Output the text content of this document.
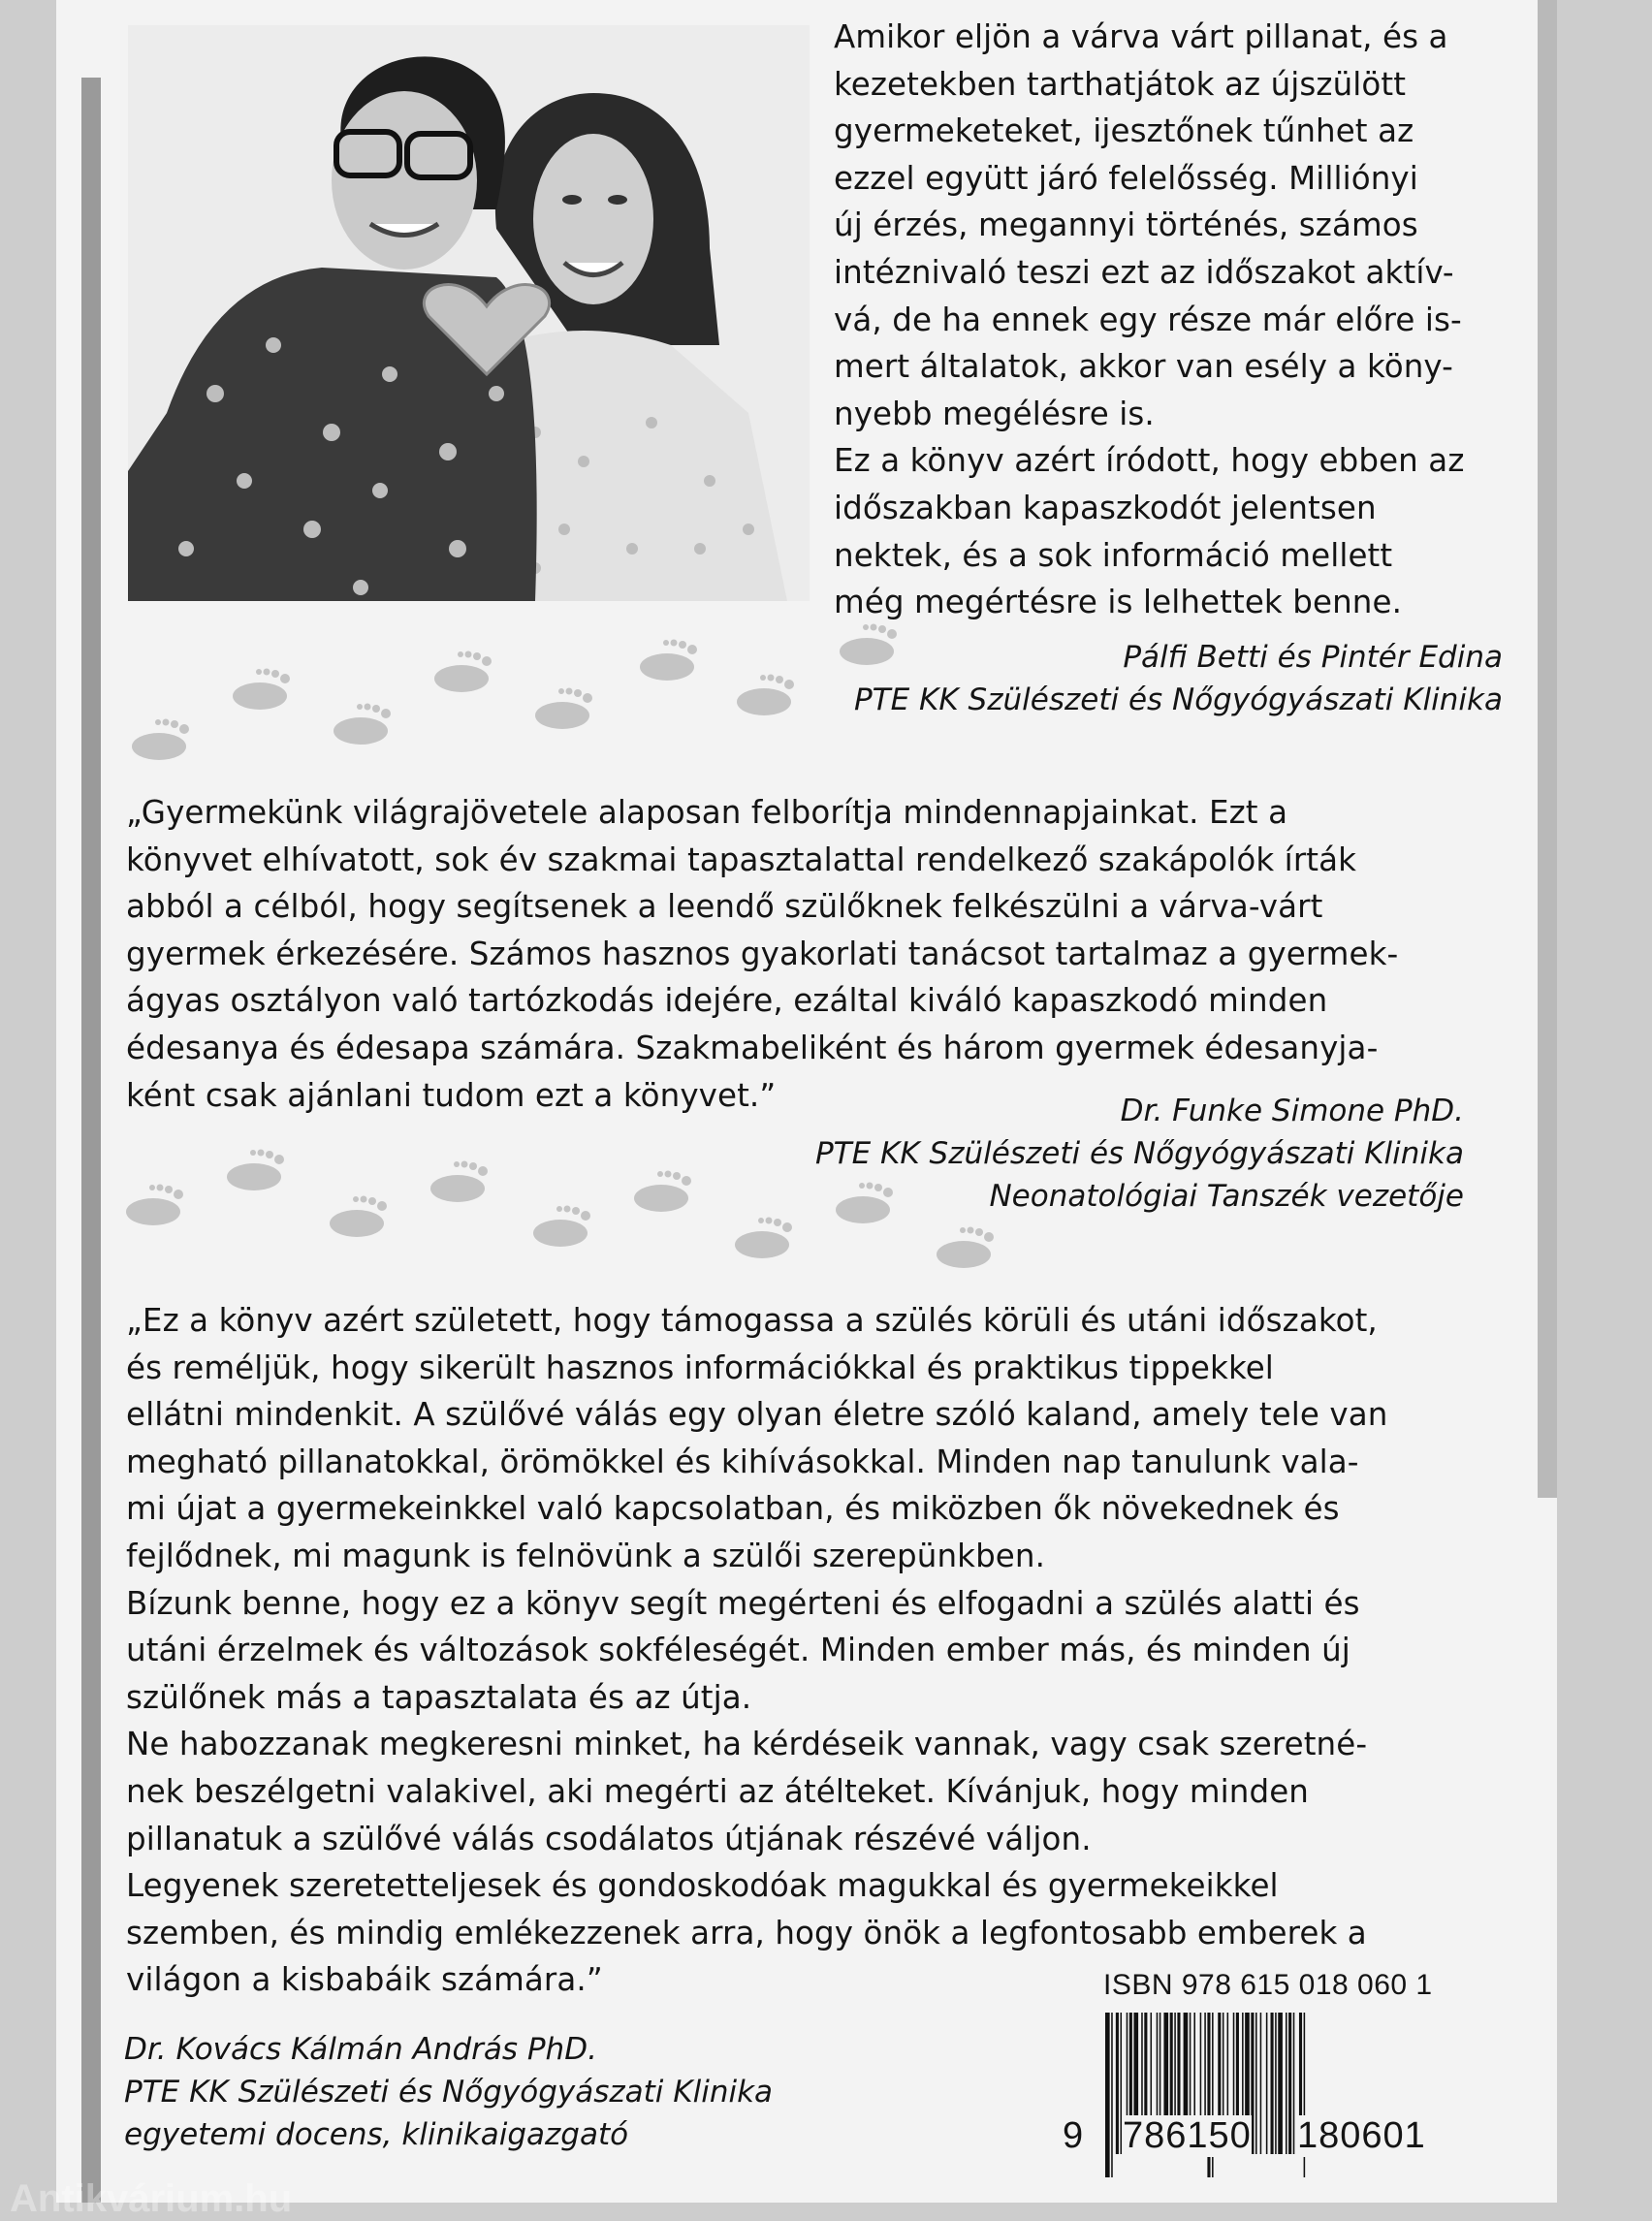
Amikor eljön a várva várt pillanat, és a
kezetekben tarthatjátok az újszülött
gyermeketeket, ijesztőnek tűnhet az
ezzel együtt járó felelősség. Milliónyi
új érzés, megannyi történés, számos
intéznivaló teszi ezt az időszakot aktív-
vá, de ha ennek egy része már előre is-
mert általatok, akkor van esély a köny-
nyebb megélésre is.
Ez a könyv azért íródott, hogy ebben az
időszakban kapaszkodót jelentsen
nektek, és a sok információ mellett
még megértésre is lelhettek benne.
Pálfi Betti és Pintér Edina
PTE KK Szülészeti és Nőgyógyászati Klinika
„Gyermekünk világrajövetele alaposan felborítja mindennapjainkat. Ezt a
könyvet elhívatott, sok év szakmai tapasztalattal rendelkező szakápolók írták
abból a célból, hogy segítsenek a leendő szülőknek felkészülni a várva-várt
gyermek érkezésére. Számos hasznos gyakorlati tanácsot tartalmaz a gyermek-
ágyas osztályon való tartózkodás idejére, ezáltal kiváló kapaszkodó minden
édesanya és édesapa számára. Szakmabeliként és három gyermek édesanyja-
ként csak ajánlani tudom ezt a könyvet.”	Dr. Funke Simone PhD.
PTE KK Szülészeti és Nőgyógyászati Klinika
Neonatológiai Tanszék vezetője
„Ez a könyv azért született, hogy támogassa a szülés körüli és utáni időszakot,
és reméljük, hogy sikerült hasznos információkkal és praktikus tippekkel
ellátni mindenkit. A szülővé válás egy olyan életre szóló kaland, amely tele van
megható pillanatokkal, örömökkel és kihívásokkal. Minden nap tanulunk vala-
mi újat a gyermekeinkkel való kapcsolatban, és miközben ők növekednek és
fejlődnek, mi magunk is felnövünk a szülői szerepünkben.
Bízunk benne, hogy ez a könyv segít megérteni és elfogadni a szülés alatti és
utáni érzelmek és változások sokféleségét. Minden ember más, és minden új
szülőnek más a tapasztalata és az útja.
Ne habozzanak megkeresni minket, ha kérdéseik vannak, vagy csak szeretné-
nek beszélgetni valakivel, aki megérti az átélteket. Kívánjuk, hogy minden
pillanatuk a szülővé válás csodálatos útjának részévé váljon.
Legyenek szeretetteljesek és gondoskodóak magukkal és gyermekeikkel
szemben, és mindig emlékezzenek arra, hogy önök a legfontosabb emberek a
világon a kisbabáik számára.”
Dr. Kovács Kálmán András PhD.
PTE KK Szülészeti és Nőgyógyászati Klinika
egyetemi docens, klinikaigazgató
ISBN 978 615 018 060 1
9 786150 180601
Antikvárium.hu
